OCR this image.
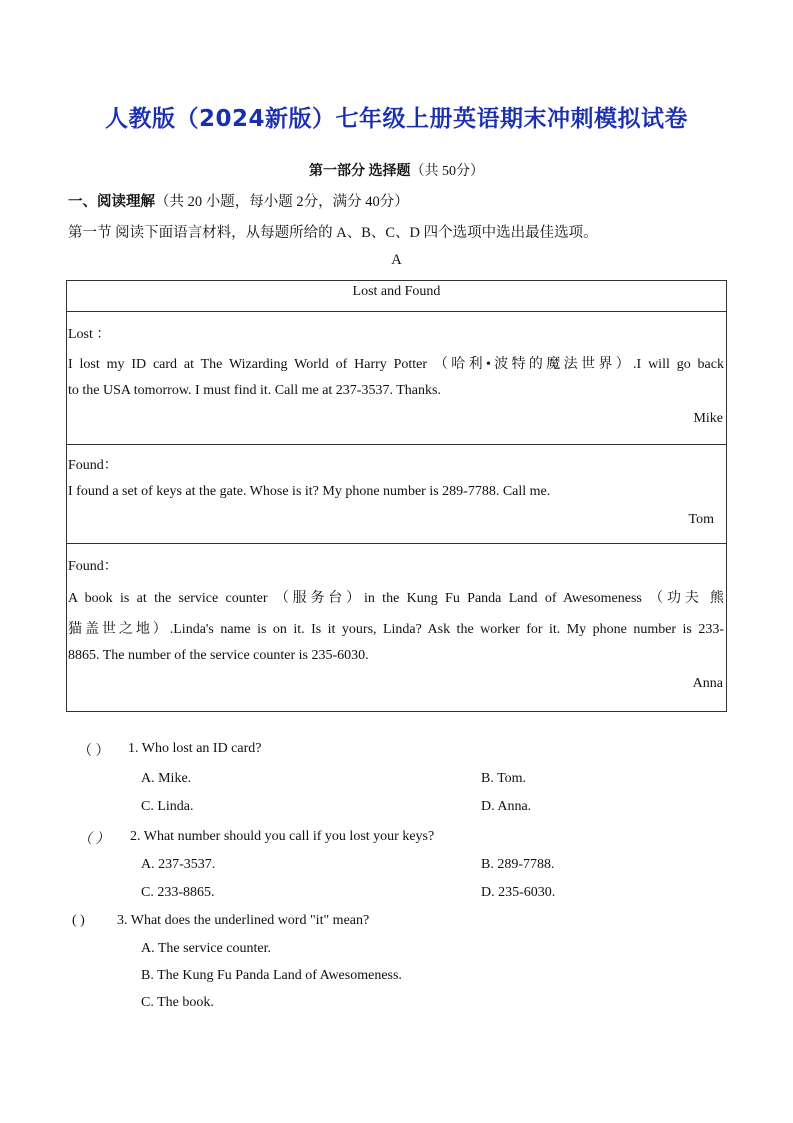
人教版（2024新版）七年级上册英语期末冲刺模拟试卷
第一部分 选择题（共 50分）
一、阅读理解（共 20 小题，每小题 2分，满分 40分）
第一节 阅读下面语言材料，从每题所给的 A、B、C、D 四个选项中选出最佳选项。
A
Lost and Found
Lost ：
I lost my ID card at The Wizarding World of Harry Potter （哈利•波特的魔法世界）.I will go back
to the USA tomorrow. I must find it. Call me at 237-3537. Thanks.
Mike
Found：
I found a set of keys at the gate. Whose is it? My phone number is 289-7788. Call me.
Tom
Found：
A book is at the service counter （服务台）in the Kung Fu Panda Land of Awesomeness （功夫 熊
猫盖世之地）.Linda's name is on it. Is it yours, Linda? Ask the worker for it. My phone number is 233-
8865. The number of the service counter is 235-6030.
Anna
（ ） 1. Who lost an ID card?
A. Mike.	B. Tom.
C. Linda.	D. Anna.
（ ） 2. What number should you call if you lost your keys?
A. 237-3537.	B. 289-7788.
C. 233-8865.	D. 235-6030.
( ) 3. What does the underlined word "it" mean?
A. The service counter.
B. The Kung Fu Panda Land of Awesomeness.
C. The book.
